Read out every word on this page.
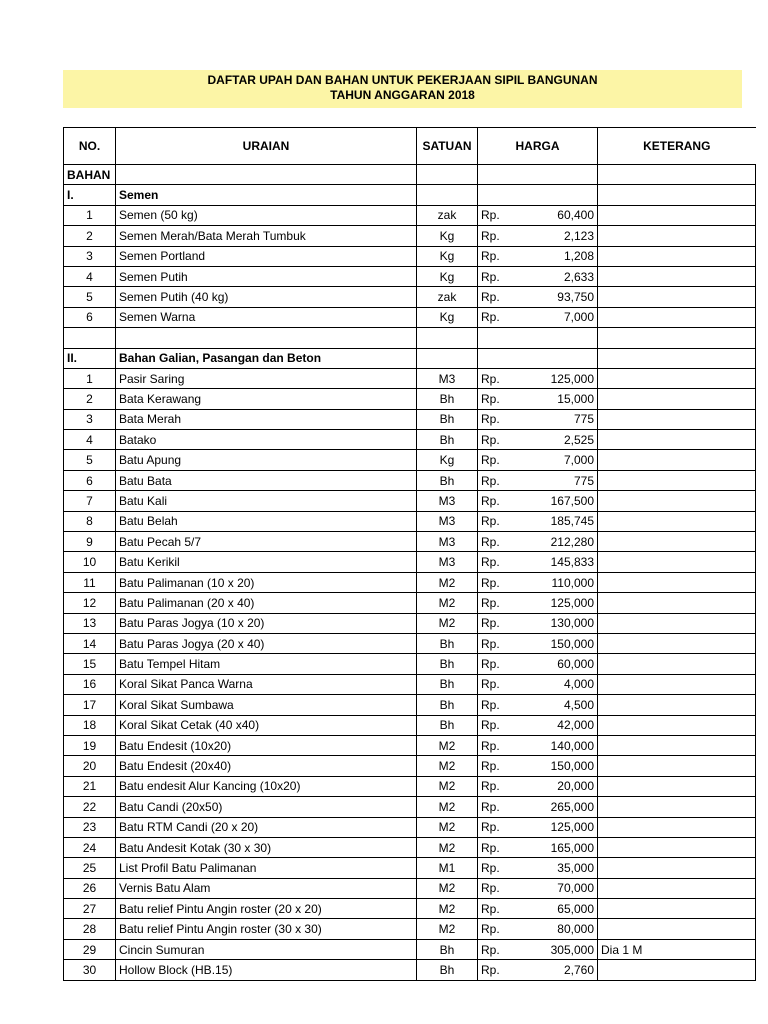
DAFTAR UPAH DAN BAHAN UNTUK PEKERJAAN SIPIL BANGUNAN
TAHUN ANGGARAN 2018
NO.	URAIAN	SATUAN	HARGA		KETERANG
BAHAN					
I.	Semen				
1	Semen (50 kg)	zak	Rp.	60,400	
2	Semen Merah/Bata Merah Tumbuk	Kg	Rp.	2,123	
3	Semen Portland	Kg	Rp.	1,208	
4	Semen Putih	Kg	Rp.	2,633	
5	Semen Putih (40 kg)	zak	Rp.	93,750	
6	Semen Warna	Kg	Rp.	7,000	

II.	Bahan Galian, Pasangan dan Beton				
1	Pasir Saring	M3	Rp.	125,000	
2	Bata Kerawang	Bh	Rp.	15,000	
3	Bata Merah	Bh	Rp.	775	
4	Batako	Bh	Rp.	2,525	
5	Batu Apung	Kg	Rp.	7,000	
6	Batu Bata	Bh	Rp.	775	
7	Batu Kali	M3	Rp.	167,500	
8	Batu Belah	M3	Rp.	185,745	
9	Batu Pecah 5/7	M3	Rp.	212,280	
10	Batu Kerikil	M3	Rp.	145,833	
11	Batu Palimanan (10 x 20)	M2	Rp.	110,000	
12	Batu Palimanan (20 x 40)	M2	Rp.	125,000	
13	Batu Paras Jogya (10 x 20)	M2	Rp.	130,000	
14	Batu Paras Jogya (20 x 40)	Bh	Rp.	150,000	
15	Batu Tempel Hitam	Bh	Rp.	60,000	
16	Koral Sikat Panca Warna	Bh	Rp.	4,000	
17	Koral Sikat Sumbawa	Bh	Rp.	4,500	
18	Koral Sikat Cetak (40 x40)	Bh	Rp.	42,000	
19	Batu Endesit (10x20)	M2	Rp.	140,000	
20	Batu Endesit (20x40)	M2	Rp.	150,000	
21	Batu endesit Alur Kancing (10x20)	M2	Rp.	20,000	
22	Batu Candi (20x50)	M2	Rp.	265,000	
23	Batu RTM Candi (20 x 20)	M2	Rp.	125,000	
24	Batu Andesit Kotak (30 x 30)	M2	Rp.	165,000	
25	List Profil Batu Palimanan	M1	Rp.	35,000	
26	Vernis Batu Alam	M2	Rp.	70,000	
27	Batu relief Pintu Angin roster (20 x 20)	M2	Rp.	65,000	
28	Batu relief Pintu Angin roster (30 x 30)	M2	Rp.	80,000	
29	Cincin Sumuran	Bh	Rp.	305,000	Dia 1 M
30	Hollow Block (HB.15)	Bh	Rp.	2,760	
